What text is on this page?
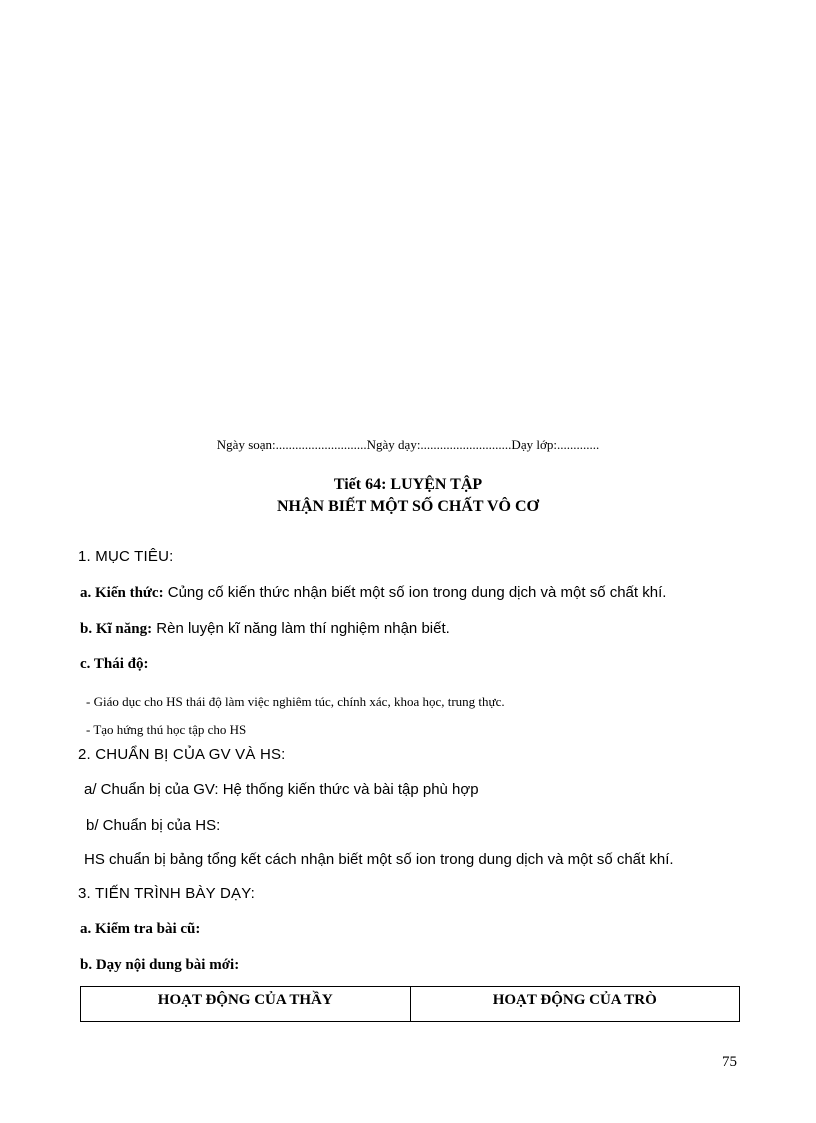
Ngày soạn:............................Ngày dạy:............................Dạy lớp:.............
Tiết 64: LUYỆN TẬP
NHẬN BIẾT MỘT SỐ CHẤT VÔ CƠ
1. MỤC TIÊU:
a. Kiến thức: Củng cố kiến thức nhận biết một số ion trong dung dịch và một số chất khí.
b. Kĩ năng: Rèn luyện kĩ năng làm thí nghiệm nhận biết.
c. Thái độ:
- Giáo dục cho HS thái độ làm việc nghiêm túc, chính xác, khoa học, trung thực.
- Tạo hứng thú học tập cho HS
2. CHUẨN BỊ CỦA GV VÀ HS:
a/ Chuẩn bị của GV: Hệ thống kiến thức và bài tập phù hợp
b/ Chuẩn bị của HS:
HS chuẩn bị bảng tổng kết cách nhận biết một số ion trong dung dịch và một số chất khí.
3. TIẾN TRÌNH BÀY DẠY:
a. Kiểm tra bài cũ:
b. Dạy nội dung bài mới:
HOẠT ĐỘNG CỦA THẦY	HOẠT ĐỘNG CỦA TRÒ
75
